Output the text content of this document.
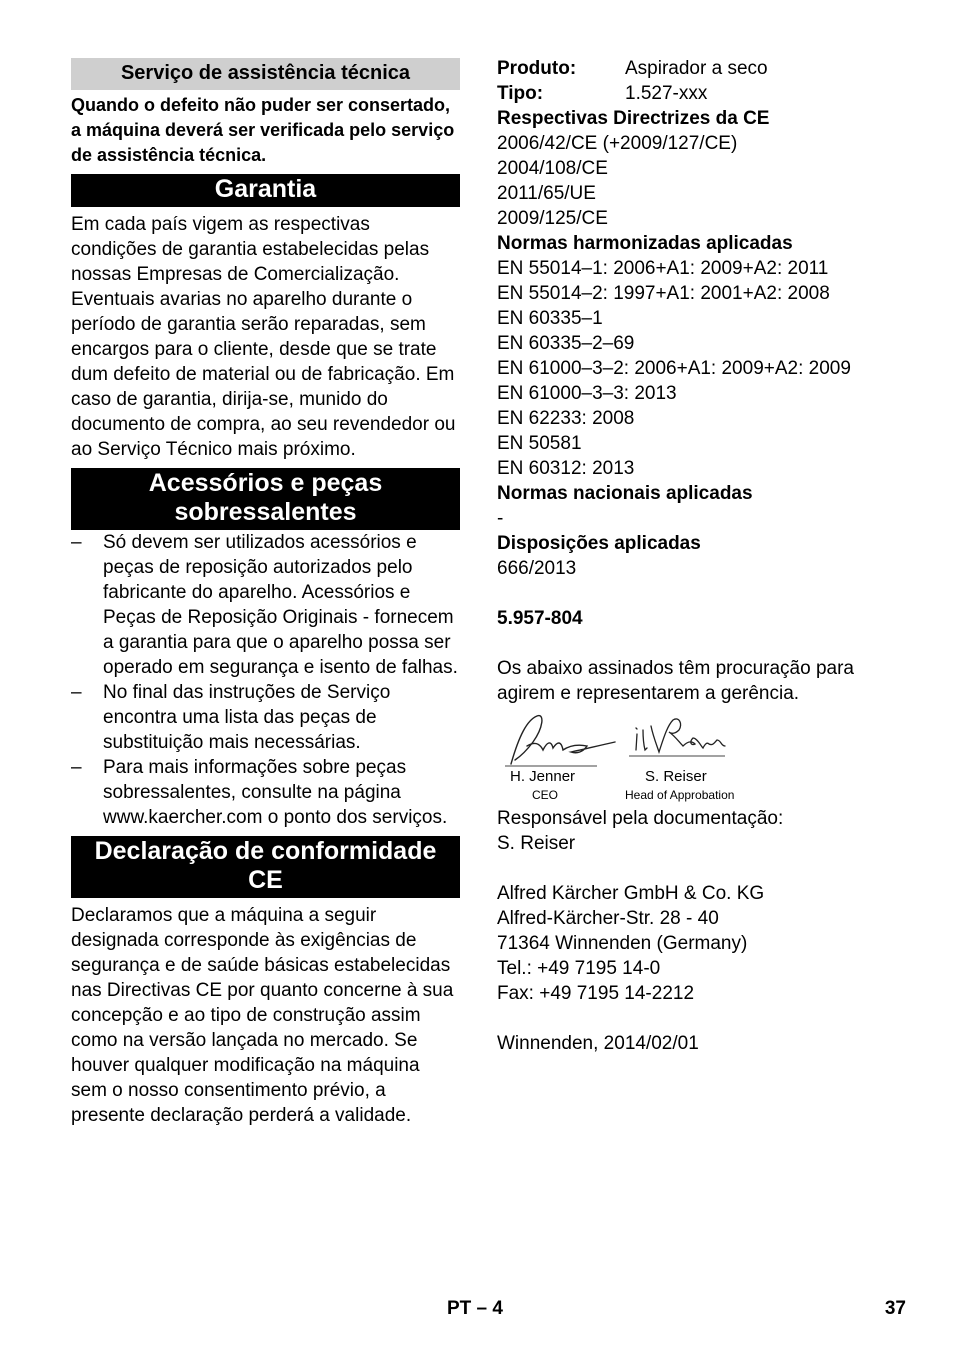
Serviço de assistência técnica
Quando o defeito não puder ser consertado, a máquina deverá ser verificada pelo serviço de assistência técnica.
Garantia
Em cada país vigem as respectivas condições de garantia estabelecidas pelas nossas Empresas de Comercialização. Eventuais avarias no aparelho durante o período de garantia serão reparadas, sem encargos para o cliente, desde que se trate dum defeito de material ou de fabricação. Em caso de garantia, dirija-se, munido do documento de compra, ao seu revendedor ou ao Serviço Técnico mais próximo.
Acessórios e peças sobressalentes
– Só devem ser utilizados acessórios e peças de reposição autorizados pelo fabricante do aparelho. Acessórios e Peças de Reposição Originais - fornecem a garantia para que o aparelho possa ser operado em segurança e isento de falhas.
– No final das instruções de Serviço encontra uma lista das peças de substituição mais necessárias.
– Para mais informações sobre peças sobressalentes, consulte na página www.kaercher.com o ponto dos serviços.
Declaração de conformidade CE
Declaramos que a máquina a seguir designada corresponde às exigências de segurança e de saúde básicas estabelecidas nas Directivas CE por quanto concerne à sua concepção e ao tipo de construção assim como na versão lançada no mercado. Se houver qualquer modificação na máquina sem o nosso consentimento prévio, a presente declaração perderá a validade.
Produto:	Aspirador a seco
Tipo:	1.527-xxx
Respectivas Directrizes da CE
2006/42/CE (+2009/127/CE)
2004/108/CE
2011/65/UE
2009/125/CE
Normas harmonizadas aplicadas
EN 55014–1: 2006+A1: 2009+A2: 2011
EN 55014–2: 1997+A1: 2001+A2: 2008
EN 60335–1
EN 60335–2–69
EN 61000–3–2: 2006+A1: 2009+A2: 2009
EN 61000–3–3: 2013
EN 62233: 2008
EN 50581
EN 60312: 2013
Normas nacionais aplicadas
-
Disposições aplicadas
666/2013
5.957-804
Os abaixo assinados têm procuração para agirem e representarem a gerência.
H. Jenner
CEO
S. Reiser
Head of Approbation
Responsável pela documentação:
S. Reiser
Alfred Kärcher GmbH & Co. KG
Alfred-Kärcher-Str. 28 - 40
71364 Winnenden (Germany)
Tel.: +49 7195 14-0
Fax: +49 7195 14-2212
Winnenden, 2014/02/01
PT – 4	37
